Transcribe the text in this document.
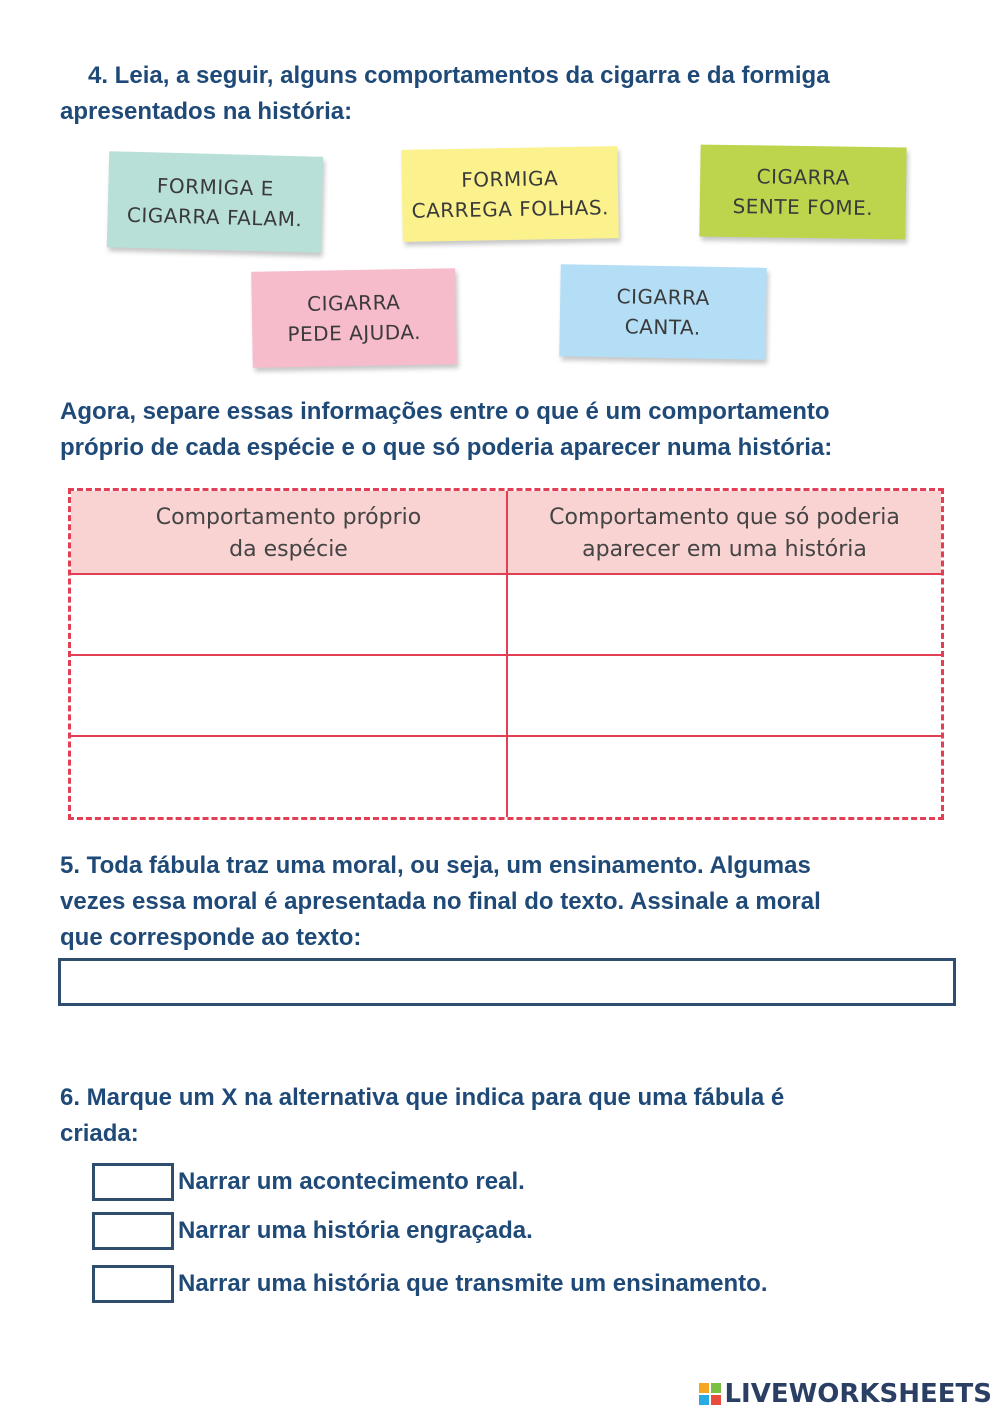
4. Leia, a seguir, alguns comportamentos da cigarra e da formiga
apresentados na história:
FORMIGA E
CIGARRA FALAM.
FORMIGA
CARREGA FOLHAS.
CIGARRA
SENTE FOME.
CIGARRA
PEDE AJUDA.
CIGARRA
CANTA.
Agora, separe essas informações entre o que é um comportamento
próprio de cada espécie e o que só poderia aparecer numa história:
Comportamento próprio
da espécie
Comportamento que só poderia
aparecer em uma história
5. Toda fábula traz uma moral, ou seja, um ensinamento. Algumas
vezes essa moral é apresentada no final do texto. Assinale a moral
que corresponde ao texto:
6. Marque um X na alternativa que indica para que uma fábula é
criada:
Narrar um acontecimento real.
Narrar uma história engraçada.
Narrar uma história que transmite um ensinamento.
LIVEWORKSHEETS
